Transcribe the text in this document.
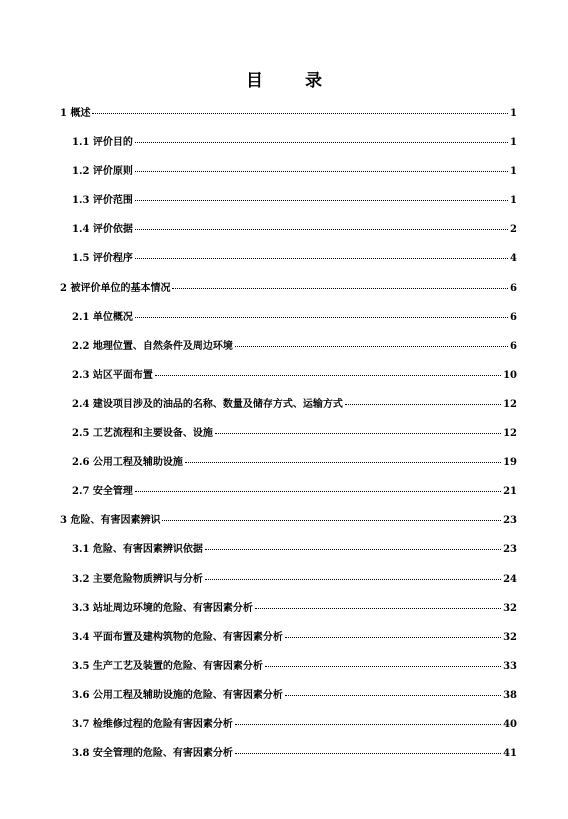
目 录
1 概述	1
1.1 评价目的	1
1.2 评价原则	1
1.3 评价范围	1
1.4 评价依据	2
1.5 评价程序	4
2 被评价单位的基本情况	6
2.1 单位概况	6
2.2 地理位置、自然条件及周边环境	6
2.3 站区平面布置	10
2.4 建设项目涉及的油品的名称、数量及储存方式、运输方式	12
2.5 工艺流程和主要设备、设施	12
2.6 公用工程及辅助设施	19
2.7 安全管理	21
3 危险、有害因素辨识	23
3.1 危险、有害因素辨识依据	23
3.2 主要危险物质辨识与分析	24
3.3 站址周边环境的危险、有害因素分析	32
3.4 平面布置及建构筑物的危险、有害因素分析	32
3.5 生产工艺及装置的危险、有害因素分析	33
3.6 公用工程及辅助设施的危险、有害因素分析	38
3.7 检维修过程的危险有害因素分析	40
3.8 安全管理的危险、有害因素分析	41
